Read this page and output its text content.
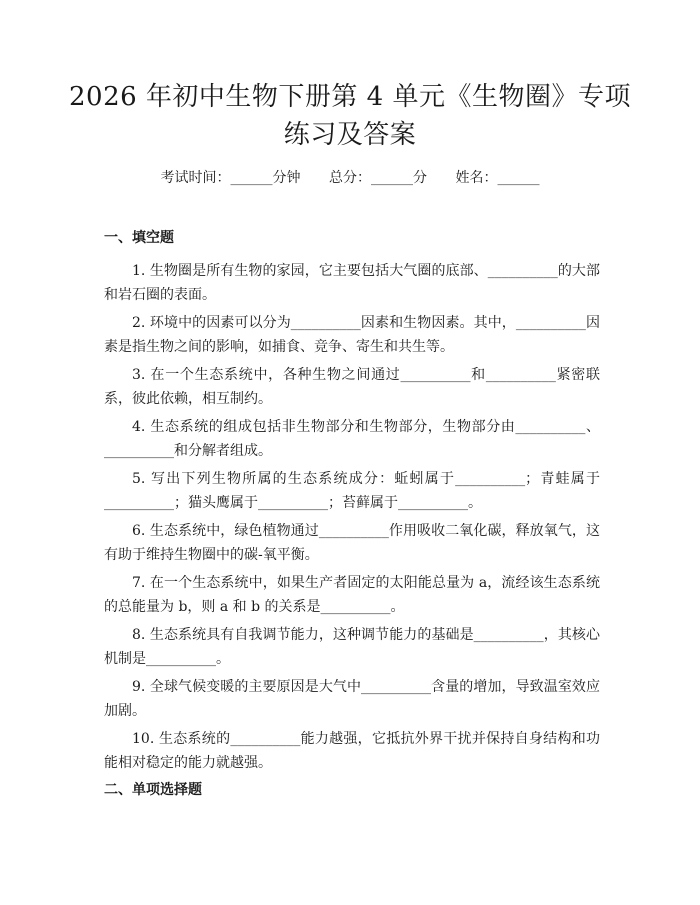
2026 年初中生物下册第 4 单元《生物圈》专项练习及答案
考试时间：______分钟 总分：______分 姓名：______
一、填空题

1. 生物圈是所有生物的家园，它主要包括大气圈的底部、__________的大部和岩石圈的表面。

2. 环境中的因素可以分为__________因素和生物因素。其中，__________因素是指生物之间的影响，如捕食、竞争、寄生和共生等。

3. 在一个生态系统中，各种生物之间通过__________和__________紧密联系，彼此依赖，相互制约。

4. 生态系统的组成包括非生物部分和生物部分，生物部分由__________、__________和分解者组成。

5. 写出下列生物所属的生态系统成分：蚯蚓属于__________；青蛙属于__________；猫头鹰属于__________；苔藓属于__________。

6. 生态系统中，绿色植物通过__________作用吸收二氧化碳，释放氧气，这有助于维持生物圈中的碳-氧平衡。

7. 在一个生态系统中，如果生产者固定的太阳能总量为 a，流经该生态系统的总能量为 b，则 a 和 b 的关系是__________。

8. 生态系统具有自我调节能力，这种调节能力的基础是__________，其核心机制是__________。

9. 全球气候变暖的主要原因是大气中__________含量的增加，导致温室效应加剧。

10. 生态系统的__________能力越强，它抵抗外界干扰并保持自身结构和功能相对稳定的能力就越强。

二、单项选择题
